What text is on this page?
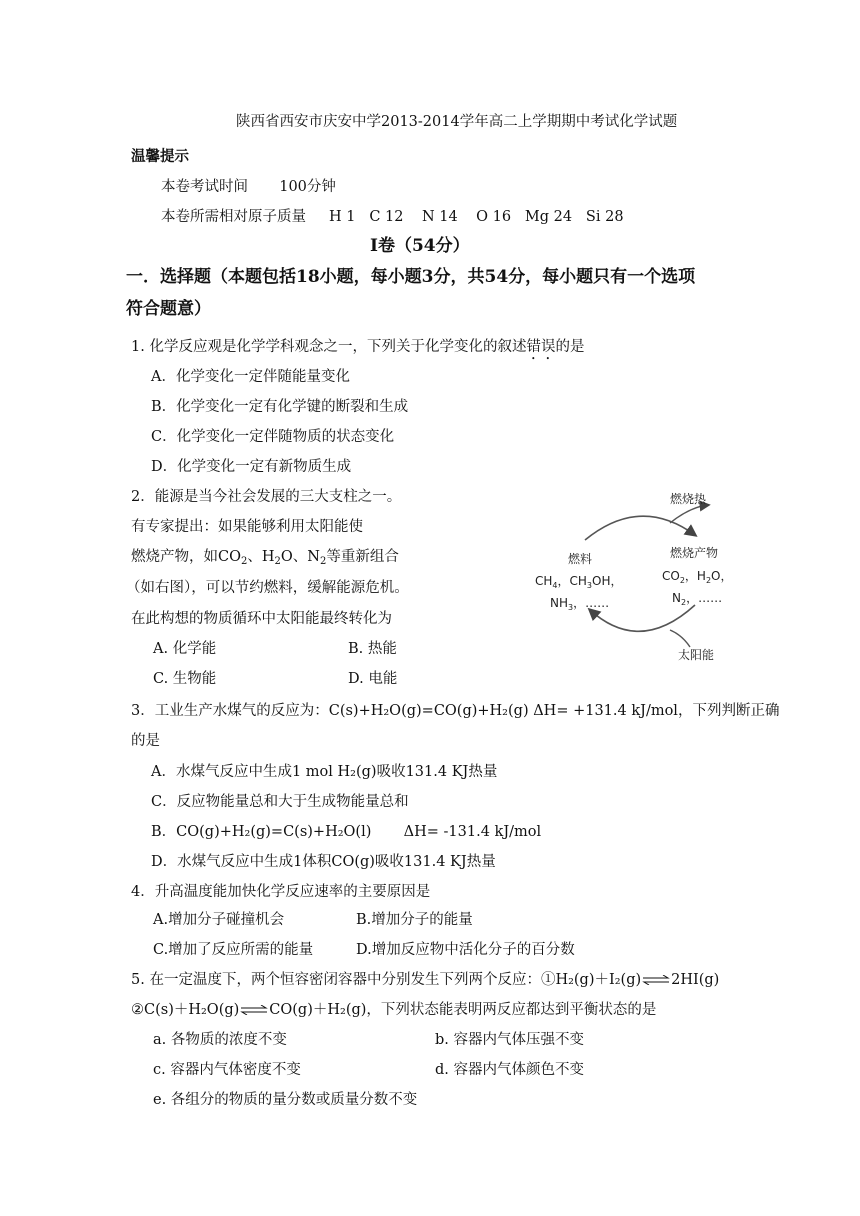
陕西省西安市庆安中学2013-2014学年高二上学期期中考试化学试题
温馨提示
本卷考试时间 100分钟
本卷所需相对原子质量 H 1   C 12    N 14    O 16   Mg 24   Si 28
Ⅰ卷（54分）
一．选择题（本题包括18小题，每小题3分，共54分，每小题只有一个选项
符合题意）
1. 化学反应观是化学学科观念之一，下列关于化学变化的叙述错误的是
A．化学变化一定伴随能量变化
B．化学变化一定有化学键的断裂和生成
C．化学变化一定伴随物质的状态变化
D．化学变化一定有新物质生成
2．能源是当今社会发展的三大支柱之一。
有专家提出：如果能够利用太阳能使
燃烧产物，如$CO_2$、$H_2O$、$N_2$等重新组合
（如右图），可以节约燃料，缓解能源危机。
在此构想的物质循环中太阳能最终转化为
A. 化学能	B. 热能
C. 生物能	D. 电能
燃烧热
燃料
$CH_4$，$CH_3OH$，
$NH_3$，……
燃烧产物
$CO_2$，$H_2O$，
$N_2$，……
太阳能
3．工业生产水煤气的反应为：C(s)+H₂O(g)=CO(g)+H₂(g) ΔH= +131.4 kJ/mol，下列判断正确
的是
A．水煤气反应中生成1 mol H₂(g)吸收131.4 KJ热量
C．反应物能量总和大于生成物能量总和
B．CO(g)+H₂(g)=C(s)+H₂O(l)       ΔH= -131.4 kJ/mol
D．水煤气反应中生成1体积CO(g)吸收131.4 KJ热量
4．升高温度能加快化学反应速率的主要原因是
A.增加分子碰撞机会	B.增加分子的能量
C.增加了反应所需的能量	D.增加反应物中活化分子的百分数
5. 在一定温度下，两个恒容密闭容器中分别发生下列两个反应：①H₂(g)＋I₂(g)⇌2HI(g)
②C(s)＋H₂O(g)⇌CO(g)＋H₂(g)，下列状态能表明两反应都达到平衡状态的是
a. 各物质的浓度不变	b. 容器内气体压强不变
c. 容器内气体密度不变	d. 容器内气体颜色不变
e. 各组分的物质的量分数或质量分数不变
